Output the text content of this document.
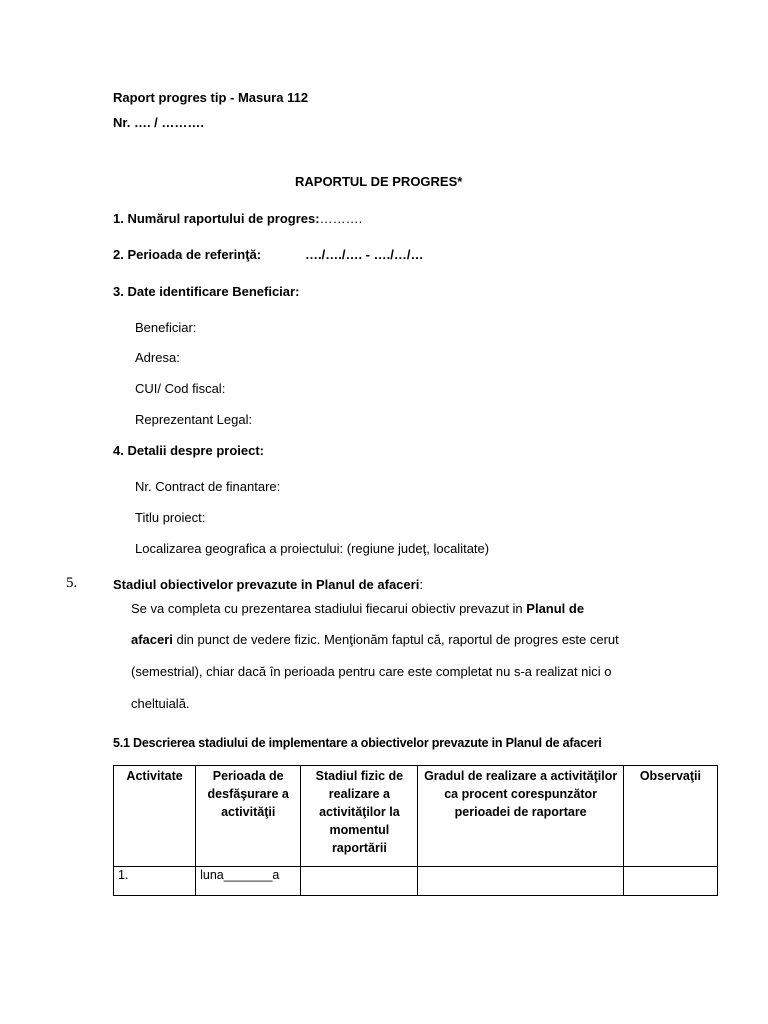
Raport progres tip - Masura 112
Nr. …. / ……….
RAPORTUL DE PROGRES*
1. Numărul raportului de progres:……….
2. Perioada de referinţă:	…./…./…. - …./…/…
3. Date identificare Beneficiar:
Beneficiar:
Adresa:
CUI/ Cod fiscal:
Reprezentant Legal:
4. Detalii despre proiect:
Nr. Contract de finantare:
Titlu proiect:
Localizarea geografica a proiectului: (regiune judeţ, localitate)
5.	Stadiul obiectivelor prevazute in Planul de afaceri:
Se va completa cu prezentarea stadiului fiecarui obiectiv prevazut in Planul de
afaceri din punct de vedere fizic. Menţionăm faptul că, raportul de progres este cerut
(semestrial), chiar dacă în perioada pentru care este completat nu s-a realizat nici o
cheltuială.
5.1 Descrierea stadiului de implementare a obiectivelor prevazute in Planul de afaceri
Activitate	Perioada de desfăşurare a activităţii	Stadiul fizic de realizare a activităţilor la momentul raportării	Gradul de realizare a activităţilor ca procent corespunzător perioadei de raportare	Observaţii
1.	luna_______a			
